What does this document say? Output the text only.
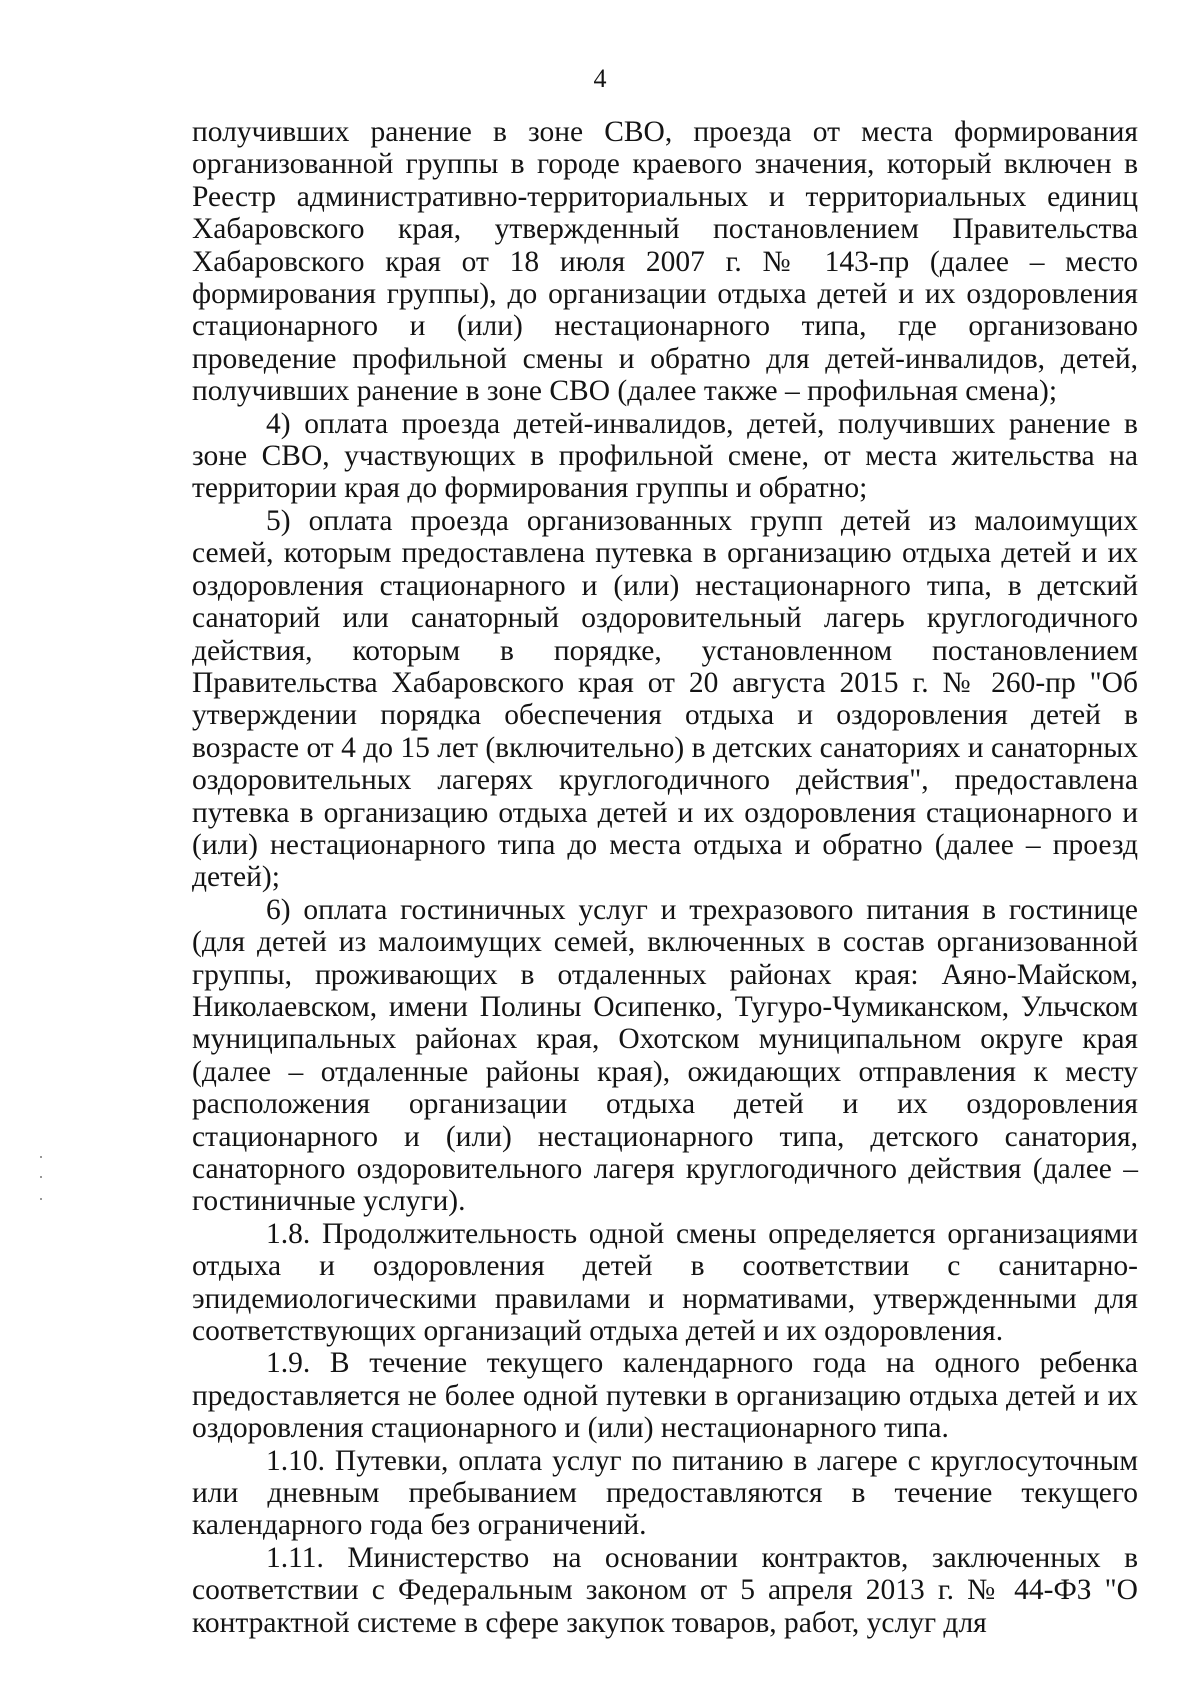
4

получивших ранение в зоне СВО, проезда от места формирования организованной группы в городе краевого значения, который включен в Реестр административно-территориальных и территориальных единиц Хабаровского края, утвержденный постановлением Правительства Хабаровского края от 18 июля 2007 г. № 143-пр (далее – место формирования группы), до организации отдыха детей и их оздоровления стационарного и (или) нестационарного типа, где организовано проведение профильной смены и обратно для детей-инвалидов, детей, получивших ранение в зоне СВО (далее также – профильная смена);

4) оплата проезда детей-инвалидов, детей, получивших ранение в зоне СВО, участвующих в профильной смене, от места жительства на территории края до формирования группы и обратно;

5) оплата проезда организованных групп детей из малоимущих семей, которым предоставлена путевка в организацию отдыха детей и их оздоровления стационарного и (или) нестационарного типа, в детский санаторий или санаторный оздоровительный лагерь круглогодичного действия, которым в порядке, установленном постановлением Правительства Хабаровского края от 20 августа 2015 г. № 260-пр "Об утверждении порядка обеспечения отдыха и оздоровления детей в возрасте от 4 до 15 лет (включительно) в детских санаториях и санаторных оздоровительных лагерях круглогодичного действия", предоставлена путевка в организацию отдыха детей и их оздоровления стационарного и (или) нестационарного типа до места отдыха и обратно (далее – проезд детей);

6) оплата гостиничных услуг и трехразового питания в гостинице (для детей из малоимущих семей, включенных в состав организованной группы, проживающих в отдаленных районах края: Аяно-Майском, Николаевском, имени Полины Осипенко, Тугуро-Чумиканском, Ульчском муниципальных районах края, Охотском муниципальном округе края (далее – отдаленные районы края), ожидающих отправления к месту расположения организации отдыха детей и их оздоровления стационарного и (или) нестационарного типа, детского санатория, санаторного оздоровительного лагеря круглогодичного действия (далее – гостиничные услуги).

1.8. Продолжительность одной смены определяется организациями отдыха и оздоровления детей в соответствии с санитарно-эпидемиологическими правилами и нормативами, утвержденными для соответствующих организаций отдыха детей и их оздоровления.

1.9. В течение текущего календарного года на одного ребенка предоставляется не более одной путевки в организацию отдыха детей и их оздоровления стационарного и (или) нестационарного типа.

1.10. Путевки, оплата услуг по питанию в лагере с круглосуточным или дневным пребыванием предоставляются в течение текущего календарного года без ограничений.

1.11. Министерство на основании контрактов, заключенных в соответствии с Федеральным законом от 5 апреля 2013 г. № 44-ФЗ "О контрактной системе в сфере закупок товаров, работ, услуг для
